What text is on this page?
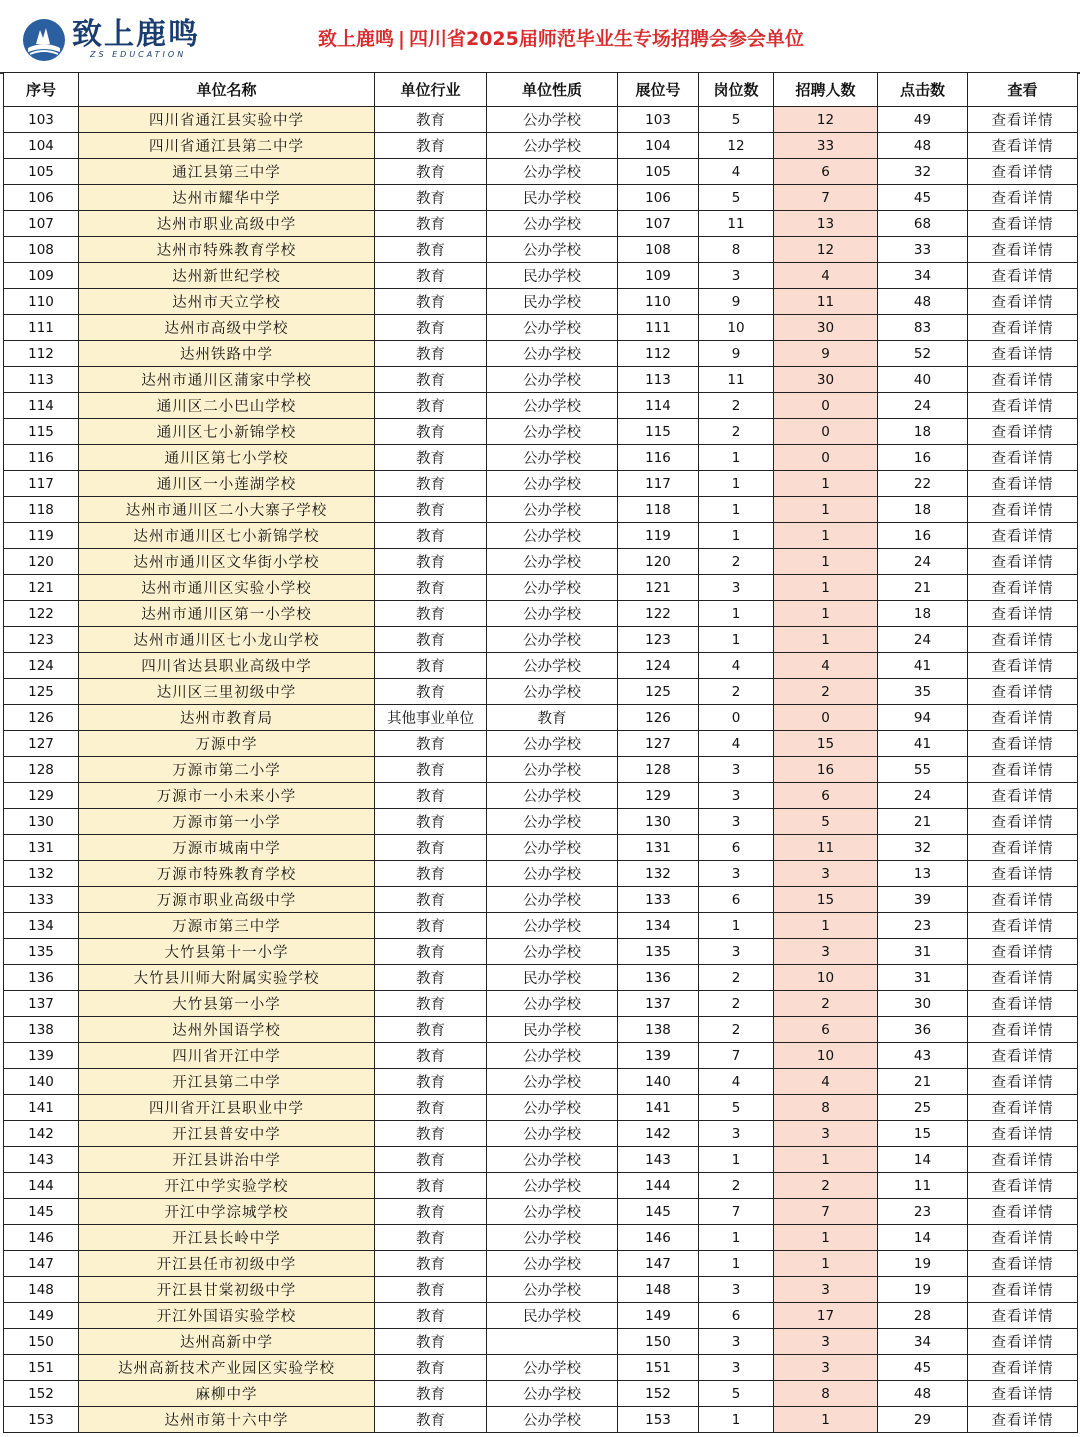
致上鹿鸣
ZS EDUCATION
致上鹿鸣 | 四川省2025届师范毕业生专场招聘会参会单位
序号	单位名称	单位行业	单位性质	展位号	岗位数	招聘人数	点击数	查看
103	四川省通江县实验中学	教育	公办学校	103	5	12	49	查看详情
104	四川省通江县第二中学	教育	公办学校	104	12	33	48	查看详情
105	通江县第三中学	教育	公办学校	105	4	6	32	查看详情
106	达州市耀华中学	教育	民办学校	106	5	7	45	查看详情
107	达州市职业高级中学	教育	公办学校	107	11	13	68	查看详情
108	达州市特殊教育学校	教育	公办学校	108	8	12	33	查看详情
109	达州新世纪学校	教育	民办学校	109	3	4	34	查看详情
110	达州市天立学校	教育	民办学校	110	9	11	48	查看详情
111	达州市高级中学校	教育	公办学校	111	10	30	83	查看详情
112	达州铁路中学	教育	公办学校	112	9	9	52	查看详情
113	达州市通川区蒲家中学校	教育	公办学校	113	11	30	40	查看详情
114	通川区二小巴山学校	教育	公办学校	114	2	0	24	查看详情
115	通川区七小新锦学校	教育	公办学校	115	2	0	18	查看详情
116	通川区第七小学校	教育	公办学校	116	1	0	16	查看详情
117	通川区一小莲湖学校	教育	公办学校	117	1	1	22	查看详情
118	达州市通川区二小大寨子学校	教育	公办学校	118	1	1	18	查看详情
119	达州市通川区七小新锦学校	教育	公办学校	119	1	1	16	查看详情
120	达州市通川区文华街小学校	教育	公办学校	120	2	1	24	查看详情
121	达州市通川区实验小学校	教育	公办学校	121	3	1	21	查看详情
122	达州市通川区第一小学校	教育	公办学校	122	1	1	18	查看详情
123	达州市通川区七小龙山学校	教育	公办学校	123	1	1	24	查看详情
124	四川省达县职业高级中学	教育	公办学校	124	4	4	41	查看详情
125	达川区三里初级中学	教育	公办学校	125	2	2	35	查看详情
126	达州市教育局	其他事业单位	教育	126	0	0	94	查看详情
127	万源中学	教育	公办学校	127	4	15	41	查看详情
128	万源市第二小学	教育	公办学校	128	3	16	55	查看详情
129	万源市一小未来小学	教育	公办学校	129	3	6	24	查看详情
130	万源市第一小学	教育	公办学校	130	3	5	21	查看详情
131	万源市城南中学	教育	公办学校	131	6	11	32	查看详情
132	万源市特殊教育学校	教育	公办学校	132	3	3	13	查看详情
133	万源市职业高级中学	教育	公办学校	133	6	15	39	查看详情
134	万源市第三中学	教育	公办学校	134	1	1	23	查看详情
135	大竹县第十一小学	教育	公办学校	135	3	3	31	查看详情
136	大竹县川师大附属实验学校	教育	民办学校	136	2	10	31	查看详情
137	大竹县第一小学	教育	公办学校	137	2	2	30	查看详情
138	达州外国语学校	教育	民办学校	138	2	6	36	查看详情
139	四川省开江中学	教育	公办学校	139	7	10	43	查看详情
140	开江县第二中学	教育	公办学校	140	4	4	21	查看详情
141	四川省开江县职业中学	教育	公办学校	141	5	8	25	查看详情
142	开江县普安中学	教育	公办学校	142	3	3	15	查看详情
143	开江县讲治中学	教育	公办学校	143	1	1	14	查看详情
144	开江中学实验学校	教育	公办学校	144	2	2	11	查看详情
145	开江中学淙城学校	教育	公办学校	145	7	7	23	查看详情
146	开江县长岭中学	教育	公办学校	146	1	1	14	查看详情
147	开江县任市初级中学	教育	公办学校	147	1	1	19	查看详情
148	开江县甘棠初级中学	教育	公办学校	148	3	3	19	查看详情
149	开江外国语实验学校	教育	民办学校	149	6	17	28	查看详情
150	达州高新中学	教育		150	3	3	34	查看详情
151	达州高新技术产业园区实验学校	教育	公办学校	151	3	3	45	查看详情
152	麻柳中学	教育	公办学校	152	5	8	48	查看详情
153	达州市第十六中学	教育	公办学校	153	1	1	29	查看详情
